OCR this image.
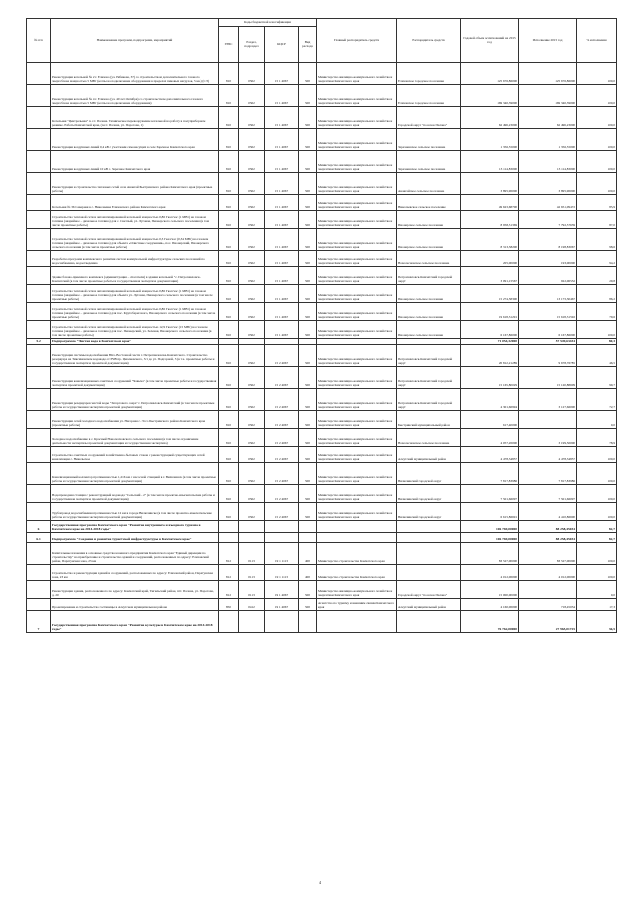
№ п/п	Наименование программ, подпрограмм, мероприятий	Коды бюджетной классификации				Главный распорядитель средств	Распорядитель средств	Годовой объем ассигнований на 2015 год	Исполнение 2015 год	% исполнения
		ГРБС	Раздел, подраздел	КЦСР	Вид расхода					
	Реконструкция котельной № 2 г. Елизово (ул. Рябикова, 37) со строительством дополнительного газового энергоблока мощностью 5 МВт (котлы на подключение оборудования в пределах пиковых нагрузок, 5 кв.) (СЭ)	810	0502	15 1 4067	500	Министерство жилищно-коммунального хозяйства и энергетики Камчатского края	Елизовское городское поселение	125 676,86000	125 676,86000	100,0
	Реконструкция котельной № 4 г. Елизово (ул. 40 лет Октября) со строительством дополнительного газового энергоблока мощностью 5 МВт (котлы на подключение оборудования)	810	0502	15 1 4067	500	Министерство жилищно-коммунального хозяйства и энергетики Камчатского края	Елизовское городское поселение	169 340,39000	169 340,39000	100,0
	Котельная "Центральная" п. г.т. Палана. Техническое перевооружение котельной на работу в полуприборном режиме. Работы Камчатской края, (п.г.т. Палана, ул. Поротова, 1)	810	0502	15 1 4067	500	Министерство жилищно-коммунального хозяйства и энергетики Камчатского края	Городской округ "поселок Палана"	62 496,23000	62 496,23000	100,0
	Реконструкция воздушных линий 0,4 кВ с участками самонесущих в селе Заречное Камчатского края	810	0502	15 1 4067	500	Министерство жилищно-коммунального хозяйства и энергетики Камчатского края	Заречненское сельское поселение	1 356,55000	1 356,55000	100,0
	Реконструкция воздушных линий 10 кВ с. Заречное Камчатского края	810	0502	15 1 4067	500	Министерство жилищно-коммунального хозяйства и энергетики Камчатского края	Заречненское сельское поселение	13 114,83000	13 114,83000	100,0
	Реконструкция и строительство тепловых сетей села Анавгай Быстринского района Камчатского края (проектные работы)	810	0502	15 1 4067	500	Министерство жилищно-коммунального хозяйства и энергетики Камчатского края	Анавгайское сельское поселение	3 895,90000	3 895,90000	100,0
	Котельная № 36 Северная в с. Николаевка Елизовского района Камчатского края	810	0502	15 1 4067	500	Министерство жилищно-коммунального хозяйства и энергетики Камчатского края	Николаевское сельское поселение	49 623,68700	42 651,09472	85,9
	Строительство тепловой сети и автоматизированной котельной мощностью 0,86 Гкал/час (1 МВт) на газовом топливе (аварийное – дизельное топливо) для с. Светлый, ул. Луговая, Пионерского сельского поселения (в том числе проектные работы)	810	0502	15 1 4067	500	Министерство жилищно-коммунального хозяйства и энергетики Камчатского края	Пионерское сельское поселение	8 958,31369	7 792,57639	87,0
	Строительство тепловой сети и автоматизированной котельной мощностью 0,3 Гкал/час (0,34 МВт) на газовом топливе (аварийное – дизельное топливо) для объекта «Очистные сооружения», пос. Пионерский, Пионерского сельского поселения (в том числе проектные работы)	810	0502	15 1 4067	500	Министерство жилищно-коммунального хозяйства и энергетики Камчатского края	Пионерское сельское поселение	8 313,38200	8 198,83067	98,6
	Разработка программ комплексного развития систем коммунальной инфраструктуры сельских поселений по водоснабжению, водоотведению	810	0502	15 1 4067	500	Министерство жилищно-коммунального хозяйства и энергетики Камчатского края	Новолесновское сельское поселение	205,00000	193,00000	94,2
	Здание базово-приемного комплекса (администрация – спасатели) в здании котельной "с. Петропавловск-Камчатский (в том числе проектные работы и государственная экспертиза документации)	810	0502	15 1 4067	500	Министерство жилищно-коммунального хозяйства и энергетики Камчатского края	Петропавловск-Камчатский городской округ	3 091,15567	922,06532	29,8
	Строительство тепловой сети и автоматизированной котельной мощностью 0,86 Гкал/час (1 МВт) на газовом топливе (аварийное – дизельное топливо) для объекта ул. Луговая, Пионерского сельского поселения (в том числе проектные работы)	810	0502	15 1 4067	500	Министерство жилищно-коммунального хозяйства и энергетики Камчатского края	Пионерское сельское поселение	15 274,58300	13 173,30467	86,2
	Строительство тепловой сети и автоматизированной котельной мощностью 0,86 Гкал/час (1 МВт) на газовом топливе (аварийное – дизельное топливо) для пос. Крутоберегового, Пионерского сельского поселения (в том числе проектные работы)	810	0502	15 1 4067	500	Министерство жилищно-коммунального хозяйства и энергетики Камчатского края	Пионерское сельское поселение	19 618,31291	15 618,31592	79,6
	Строительство тепловой сети и автоматизированной котельной мощностью 12,9 Гкал/час (15 МВт) на газовом топливе (аварийное – дизельное топливо) для пос. Пионерский, ул. Зеленая, Пионерского сельского поселения (в том числе проектные работы)	810	0502	15 1 4067	500	Министерство жилищно-коммунального хозяйства и энергетики Камчатского края	Пионерское сельское поселение	6 167,86000	6 167,86000	100,0
5.2	Подпрограмма "Чистая вода в Камчатском крае"							71 054,32000	57 549,63434	80,3
	Реконструкция системы водоснабжения Юго-Восточной части г. Петропавловска-Камчатского. Строительство резервуара на Тиксимовском водоводе от РЧВ пр. Циолковского, 3/1 до ул. Подгорной, 3 (в т.ч. проектные работы и государственная экспертиза проектной документации)	810	0502	15 2 4067	500	Министерство жилищно-коммунального хозяйства и энергетики Камчатского края	Петропавловск-Камчатский городской округ	20 812,21289	9 678,76785	46,5
	Реконструкция канализационных очистных сооружений "Чавыча" (в том числе проектные работы и государственная экспертиза проектной документации)	810	0502	15 2 4067	500	Министерство жилищно-коммунального хозяйства и энергетики Камчатского края	Петропавловск-Камчатский городской округ	15 165,80029	15 120,88609	99,7
	Реконструкция резервуаров чистой воды "Заторгового озера" г. Петропавловск-Камчатский (в том числе проектные работы и государственная экспертиза проектной документации)	810	0502	15 2 4067	500	Министерство жилищно-коммунального хозяйства и энергетики Камчатского края	Петропавловск-Камчатский городской округ	4 301,60994	3 127,66000	72,7
	Реконструкция сетей холодного водоснабжения ул. Нагорная с. Эссо Быстринского района Камчатского края (проектные работы)	810	0502	15 2 4067	500	Министерство жилищно-коммунального хозяйства и энергетики Камчатского края	Быстринский муниципальный район	617,40000		0,0
	Холодное водоснабжение в с. Красный Новолесновского сельского поселения (в том числе ограничение деятельности экспертизы проектной документации и государственная экспертиза)	810	0502	15 2 4067	500	Министерство жилищно-коммунального хозяйства и энергетики Камчатского края	Новолесновское сельское поселение	4 057,20000	3 199,50000	78,9
	Строительство очистных сооружений хозяйственно-бытовых стоков с реконструкцией существующих сетей канализации с. Никольское	810	0502	15 2 4067	500	Министерство жилищно-коммунального хозяйства и энергетики Камчатского края	Алеутский муниципальный район	4 478,34857	4 478,34857	100,0
	Канализационный коллектор протяженностью 1,216 км с насосной станцией в г. Вилючинск (в том числе проектные работы и государственная экспертиза проектной документации)	810	0502	15 2 4067	500	Министерство жилищно-коммунального хозяйства и энергетики Камчатского края	Вилючинский городской округ	7 817,83986	7 817,83986	100,0
	Водопроводная станция с реконструкцией водовода "Сельский - 2" (в том числе проектно-изыскательские работы и государственная экспертиза проектной документации)	810	0502	15 2 4067	500	Министерство жилищно-коммунального хозяйства и энергетики Камчатского края	Вилючинский городской округ	7 501,66097	7 501,66097	100,0
	Трубопровод водоснабжения протяженностью 12 км в городе Вилючинске (в том числе проектно-изыскательские работы и государственная экспертиза проектной документации)	810	0502	15 2 4067	500	Министерство жилищно-коммунального хозяйства и энергетики Камчатского края	Вилючинский городской округ	6 615,86691	4 410,86600	100,0
6	Государственная программа Камчатского края "Развитие внутреннего и въездного туризма в Камчатском крае на 2014-2018 годы"							106 769,00000	88 258,45034	82,7
6.1	Подпрограмма "Создание и развитие туристской инфраструктуры в Камчатском крае"							106 769,00000	88 258,45034	82,7
	Капитальные вложения в основные средства казенного предприятия Камчатского края "Единый дирекции по строительству" на приобретение и строительство зданий и сооружений, расположенных по адресу: Елизовский район, Паратунская зона, 23 км	812	0113	19 1 1113	400	Министерство строительства Камчатского края		83 527,00000	83 527,00000	100,0
	Строительство и реконструкция зданий и сооружений, расположенных по адресу: Елизовский район, Паратунская зона, 23 км	812	0113	19 1 1113	400	Министерство строительства Камчатского края		4 012,00000	4 012,00000	100,0
	Реконструкция здания, расположенного по адресу: Камчатский край, Тигильский район, пгт. Палана, ул. Поротова, д. 20	812	0113	19 1 4067	500	Министерство жилищно-коммунального хозяйства и энергетики Камчатского края	Городской округ "поселок Палана"	15 000,00000		0,0
	Проектирование и строительство гостиницы в Алеутском муниципальном районе	850	0412	19 1 4067	500	Агентство по туризму и внешним связям Камчатского края	Алеутский муниципальный район	4 160,00000	718,45034	17,3
7	Государственная программа Камчатского края "Развитие культуры в Камчатском крае на 2014-2018 годы"							76 762,00000	27 965,01725	36,5
4
